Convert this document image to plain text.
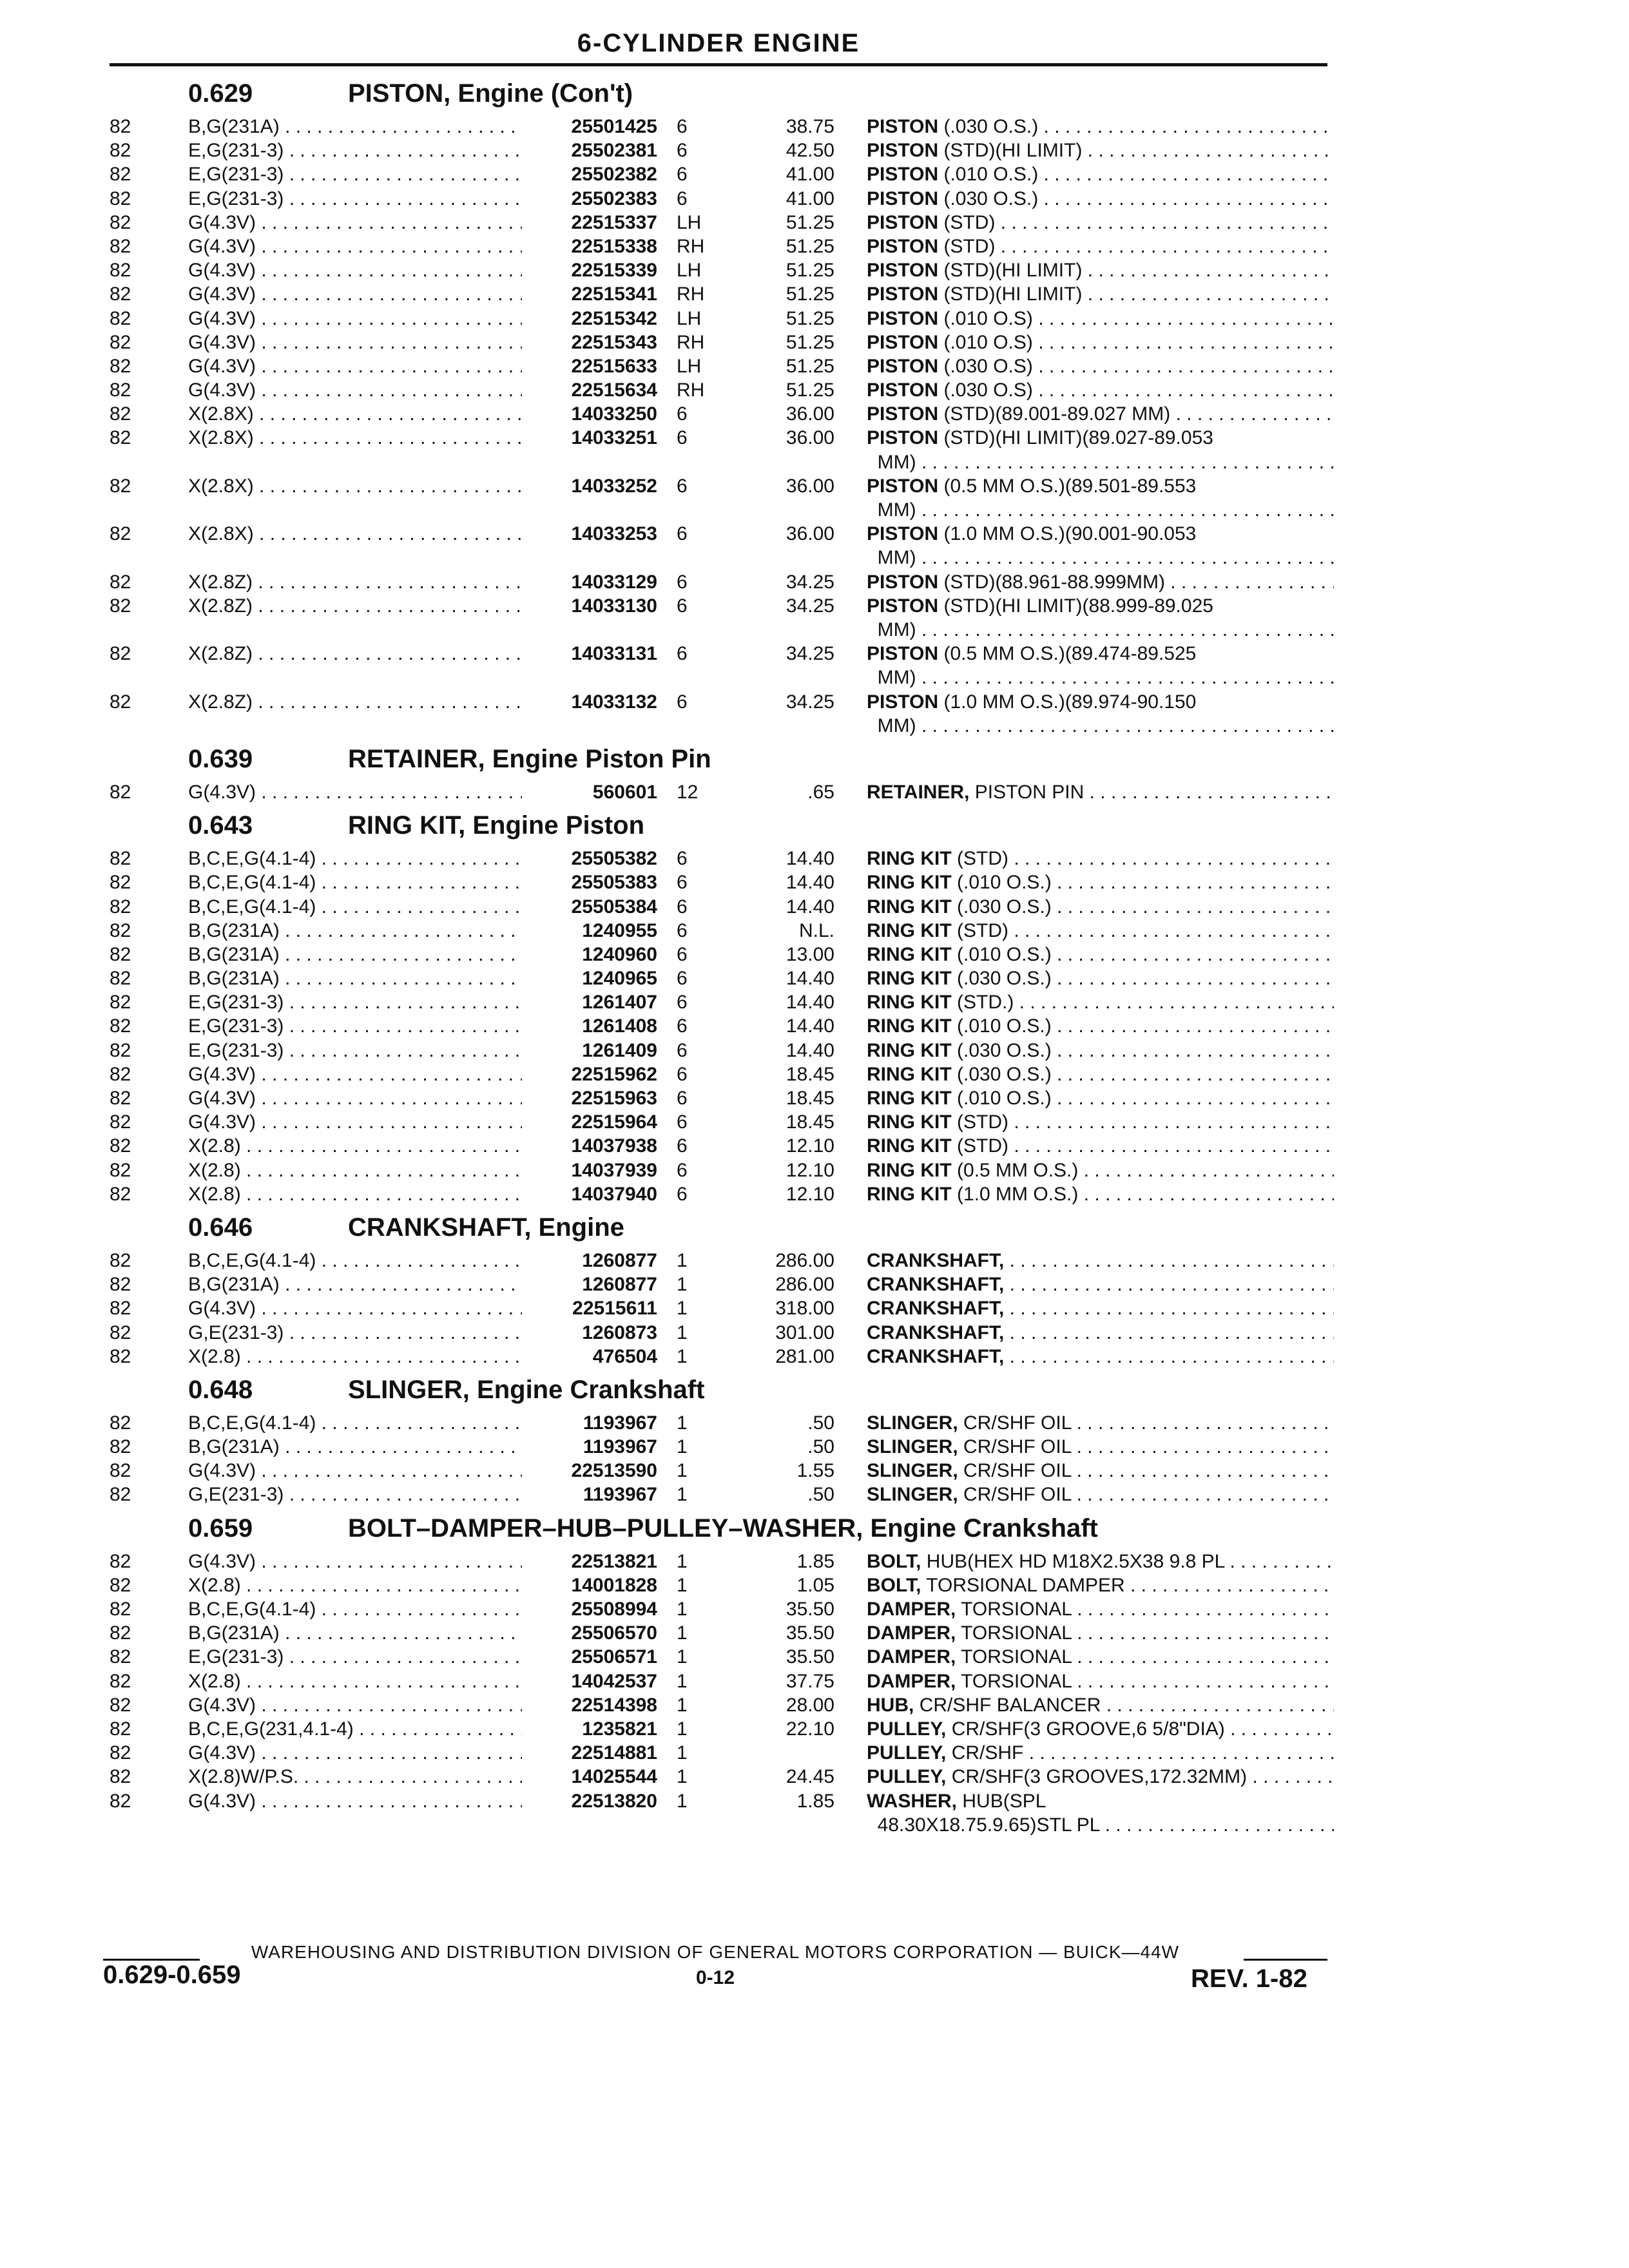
6-CYLINDER ENGINE
0.629	PISTON, Engine (Con't)
82	B,G(231A) . . .	25501425 6	38.75 PISTON (.030 O.S.) . . .
82	E,G(231-3) . . .	25502381 6	42.50 PISTON (STD)(HI LIMIT) . . .
82	E,G(231-3) . . .	25502382 6	41.00 PISTON (.010 O.S.) . . .
82	E,G(231-3) . . .	25502383 6	41.00 PISTON (.030 O.S.) . . .
82	G(4.3V) . . .	22515337 LH	51.25 PISTON (STD) . . .
82	G(4.3V) . . .	22515338 RH	51.25 PISTON (STD) . . .
82	G(4.3V) . . .	22515339 LH	51.25 PISTON (STD)(HI LIMIT) . . .
82	G(4.3V) . . .	22515341 RH	51.25 PISTON (STD)(HI LIMIT) . . .
82	G(4.3V) . . .	22515342 LH	51.25 PISTON (.010 O.S) . . .
82	G(4.3V) . . .	22515343 RH	51.25 PISTON (.010 O.S) . . .
82	G(4.3V) . . .	22515633 LH	51.25 PISTON (.030 O.S) . . .
82	G(4.3V) . . .	22515634 RH	51.25 PISTON (.030 O.S) . . .
82	X(2.8X) . . .	14033250 6	36.00 PISTON (STD)(89.001-89.027 MM) . . .
82	X(2.8X) . . .	14033251 6	36.00 PISTON (STD)(HI LIMIT)(89.027-89.053
MM) . . .
82	X(2.8X) . . .	14033252 6	36.00 PISTON (0.5 MM O.S.)(89.501-89.553
MM) . . .
82	X(2.8X) . . .	14033253 6	36.00 PISTON (1.0 MM O.S.)(90.001-90.053
MM) . . .
82	X(2.8Z) . . .	14033129 6	34.25 PISTON (STD)(88.961-88.999MM) . . .
82	X(2.8Z) . . .	14033130 6	34.25 PISTON (STD)(HI LIMIT)(88.999-89.025
MM) . . .
82	X(2.8Z) . . .	14033131 6	34.25 PISTON (0.5 MM O.S.)(89.474-89.525
MM) . . .
82	X(2.8Z) . . .	14033132 6	34.25 PISTON (1.0 MM O.S.)(89.974-90.150
MM) . . .
0.639	RETAINER, Engine Piston Pin
82	G(4.3V) . . .	560601 12	.65 RETAINER, PISTON PIN . . .
0.643	RING KIT, Engine Piston
82	B,C,E,G(4.1-4) . . .	25505382 6	14.40 RING KIT (STD) . . .
82	B,C,E,G(4.1-4) . . .	25505383 6	14.40 RING KIT (.010 O.S.) . . .
82	B,C,E,G(4.1-4) . . .	25505384 6	14.40 RING KIT (.030 O.S.) . . .
82	B,G(231A) . . .	1240955 6	N.L. RING KIT (STD) . . .
82	B,G(231A) . . .	1240960 6	13.00 RING KIT (.010 O.S.) . . .
82	B,G(231A) . . .	1240965 6	14.40 RING KIT (.030 O.S.) . . .
82	E,G(231-3) . . .	1261407 6	14.40 RING KIT (STD.) . . .
82	E,G(231-3) . . .	1261408 6	14.40 RING KIT (.010 O.S.) . . .
82	E,G(231-3) . . .	1261409 6	14.40 RING KIT (.030 O.S.) . . .
82	G(4.3V) . . .	22515962 6	18.45 RING KIT (.030 O.S.) . . .
82	G(4.3V) . . .	22515963 6	18.45 RING KIT (.010 O.S.) . . .
82	G(4.3V) . . .	22515964 6	18.45 RING KIT (STD) . . .
82	X(2.8) . . .	14037938 6	12.10 RING KIT (STD) . . .
82	X(2.8) . . .	14037939 6	12.10 RING KIT (0.5 MM O.S.) . . .
82	X(2.8) . . .	14037940 6	12.10 RING KIT (1.0 MM O.S.) . . .
0.646	CRANKSHAFT, Engine
82	B,C,E,G(4.1-4) . . .	1260877 1	286.00 CRANKSHAFT, . . .
82	B,G(231A) . . .	1260877 1	286.00 CRANKSHAFT, . . .
82	G(4.3V) . . .	22515611 1	318.00 CRANKSHAFT, . . .
82	G,E(231-3) . . .	1260873 1	301.00 CRANKSHAFT, . . .
82	X(2.8) . . .	476504 1	281.00 CRANKSHAFT, . . .
0.648	SLINGER, Engine Crankshaft
82	B,C,E,G(4.1-4) . . .	1193967 1	.50 SLINGER, CR/SHF OIL . . .
82	B,G(231A) . . .	1193967 1	.50 SLINGER, CR/SHF OIL . . .
82	G(4.3V) . . .	22513590 1	1.55 SLINGER, CR/SHF OIL . . .
82	G,E(231-3) . . .	1193967 1	.50 SLINGER, CR/SHF OIL . . .
0.659	BOLT–DAMPER–HUB–PULLEY–WASHER, Engine Crankshaft
82	G(4.3V) . . .	22513821 1	1.85 BOLT, HUB(HEX HD M18X2.5X38 9.8 PL . . .
82	X(2.8) . . .	14001828 1	1.05 BOLT, TORSIONAL DAMPER . . .
82	B,C,E,G(4.1-4) . . .	25508994 1	35.50 DAMPER, TORSIONAL . . .
82	B,G(231A) . . .	25506570 1	35.50 DAMPER, TORSIONAL . . .
82	E,G(231-3) . . .	25506571 1	35.50 DAMPER, TORSIONAL . . .
82	X(2.8) . . .	14042537 1	37.75 DAMPER, TORSIONAL . . .
82	G(4.3V) . . .	22514398 1	28.00 HUB, CR/SHF BALANCER . . .
82	B,C,E,G(231,4.1-4) . . .	1235821 1	22.10 PULLEY, CR/SHF(3 GROOVE,6 5/8"DIA) . . .
82	G(4.3V) . . .	22514881 1	PULLEY, CR/SHF . . .
82	X(2.8)W/P.S. . . .	14025544 1	24.45 PULLEY, CR/SHF(3 GROOVES,172.32MM) . . .
82	G(4.3V) . . .	22513820 1	1.85 WASHER, HUB(SPL
48.30X18.75.9.65)STL PL . . .
WAREHOUSING AND DISTRIBUTION DIVISION OF GENERAL MOTORS CORPORATION — BUICK—44W
0.629-0.659	0-12	REV. 1-82
